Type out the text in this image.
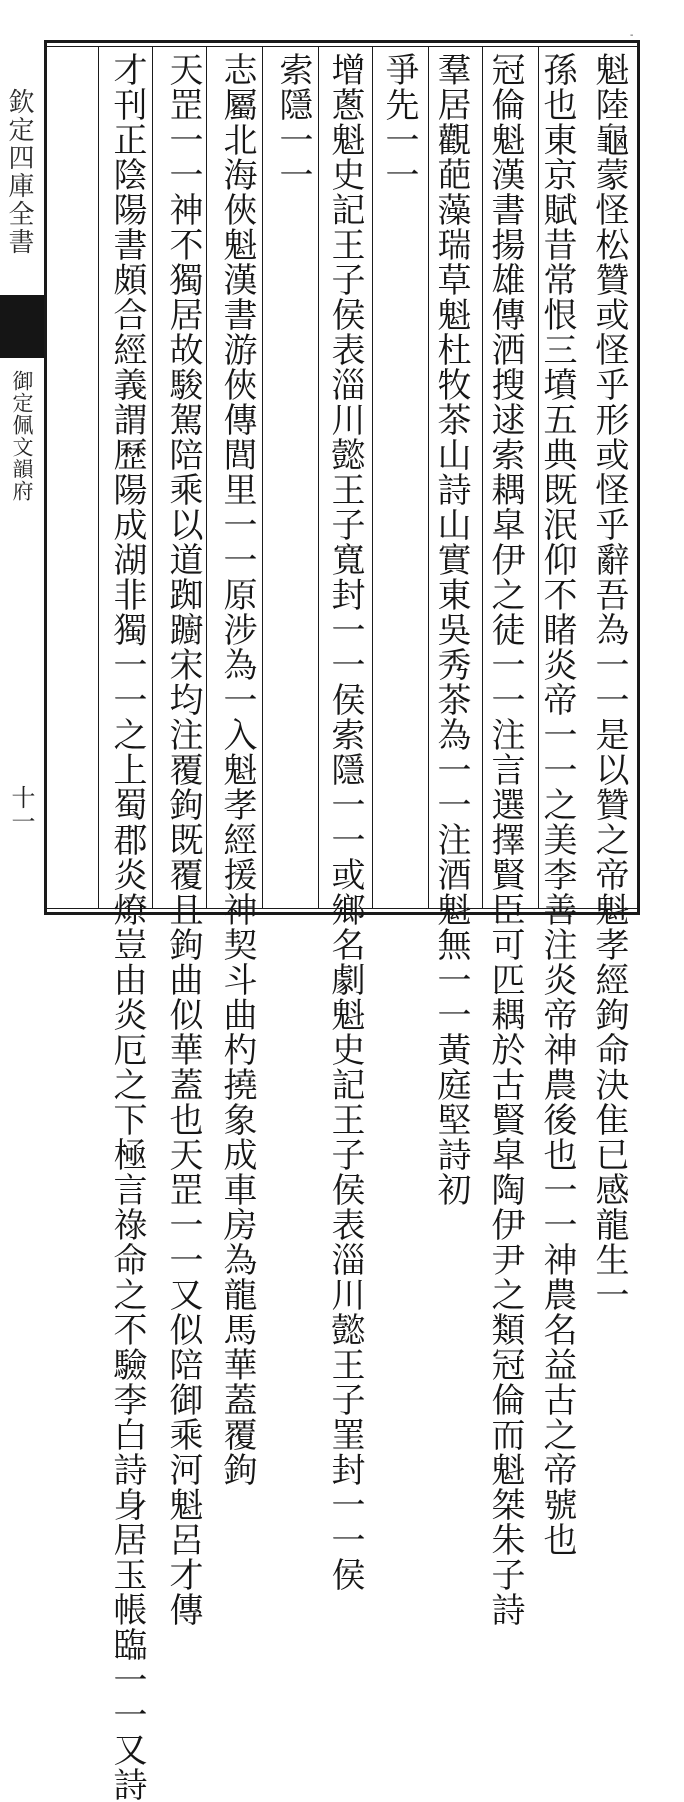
-
欽定四庫全書
御定佩文韻府
十一	魁陸龜蒙怪松贊或怪乎形或怪乎辭吾為一一是以贊之帝魁孝經鉤命決隹已感龍生一
孫也東京賦昔常恨三墳五典既泯仰不睹炎帝一一之美李善注炎帝神農後也一一神農名益古之帝號也
冠倫魁漢書揚雄傳洒搜逑索耦皐伊之徒一一注言選擇賢臣可匹耦於古賢皐陶伊尹之類冠倫而魁桀朱子詩
羣居觀葩藻瑞草魁杜牧茶山詩山實東吳秀茶為一一注酒魁無一一黃庭堅詩初
爭先一一
增蔥魁史記王子侯表淄川懿王子寬封一一侯索隱一一或鄉名劇魁史記王子侯表淄川懿王子罣封一一侯
索隱一一
志屬北海俠魁漢書游俠傳閭里一一原涉為一入魁孝經援神契斗曲杓撓象成車房為龍馬華蓋覆鉤
天罡一一神不獨居故駿駕陪乘以道踟躕宋均注覆鉤既覆且鉤曲似華蓋也天罡一一又似陪御乘河魁呂才傳
才刊正陰陽書頗合經義謂歷陽成湖非獨一一之上蜀郡炎燎豈由炎厄之下極言祿命之不驗李白詩身居玉帳臨一一又詩
